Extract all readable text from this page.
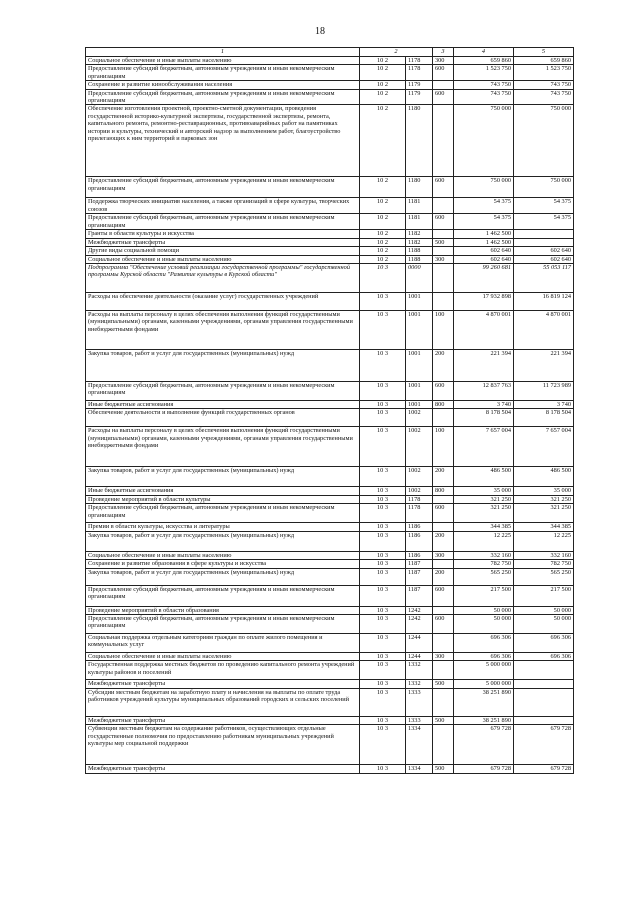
18
1	2		3	4	5
Социальное обеспечение и иные выплаты населению	10 2	1178	300	659 860	659 860
Предоставление субсидий бюджетным, автономным учреждениям и иным некоммерческим организациям	10 2	1178	600	1 523 750	1 523 750
Сохранение и развитие кинообслуживания населения	10 2	1179		743 750	743 750
Предоставление субсидий бюджетным, автономным учреждениям и иным некоммерческим организациям	10 2	1179	600	743 750	743 750
Обеспечение изготовления проектной, проектно-сметной документации, проведения государственной историко-культурной экспертизы, государственной экспертизы, ремонта, капитального ремонта, ремонтно-реставрационных, противоаварийных работ на памятниках истории и культуры, технический и авторский надзор за выполнением работ, благоустройство прилегающих к ним территорий и парковых зон	10 2	1180		750 000	750 000
Предоставление субсидий бюджетным, автономным учреждениям и иным некоммерческим организациям	10 2	1180	600	750 000	750 000
Поддержка творческих инициатив населения, а также организаций в сфере культуры, творческих союзов	10 2	1181		54 375	54 375
Предоставление субсидий бюджетным, автономным учреждениям и иным некоммерческим организациям	10 2	1181	600	54 375	54 375
Гранты в области культуры и искусства	10 2	1182		1 462 500	
Межбюджетные трансферты	10 2	1182	500	1 462 500	
Другие виды социальной помощи	10 2	1188		602 640	602 640
Социальное обеспечение и иные выплаты населению	10 2	1188	300	602 640	602 640
Подпрограмма "Обеспечение условий реализации государственной программы" государственной программы Курской области "Развитие культуры в Курской области"	10 3	0000		99 260 681	55 053 117
Расходы на обеспечение деятельности (оказание услуг) государственных учреждений	10 3	1001		17 932 898	16 819 124
Расходы на выплаты персоналу в целях обеспечения выполнения функций государственными (муниципальными) органами, казенными учреждениями, органами управления государственными внебюджетными фондами	10 3	1001	100	4 870 001	4 870 001
Закупка товаров, работ и услуг для государственных (муниципальных) нужд	10 3	1001	200	221 394	221 394
Предоставление субсидий бюджетным, автономным учреждениям и иным некоммерческим организациям	10 3	1001	600	12 837 763	11 723 989
Иные бюджетные ассигнования	10 3	1001	800	3 740	3 740
Обеспечение деятельности и выполнение функций государственных органов	10 3	1002		8 178 504	8 178 504
Расходы на выплаты персоналу в целях обеспечения выполнения функций государственными (муниципальными) органами, казенными учреждениями, органами управления государственными внебюджетными фондами	10 3	1002	100	7 657 004	7 657 004
Закупка товаров, работ и услуг для государственных (муниципальных) нужд	10 3	1002	200	486 500	486 500
Иные бюджетные ассигнования	10 3	1002	800	35 000	35 000
Проведение мероприятий в области культуры	10 3	1178		321 250	321 250
Предоставление субсидий бюджетным, автономным учреждениям и иным некоммерческим организациям	10 3	1178	600	321 250	321 250
Премии в области культуры, искусства и литературы	10 3	1186		344 385	344 385
Закупка товаров, работ и услуг для государственных (муниципальных) нужд	10 3	1186	200	12 225	12 225
Социальное обеспечение и иные выплаты населению	10 3	1186	300	332 160	332 160
Сохранение и развитие образования в сфере культуры и искусства	10 3	1187		782 750	782 750
Закупка товаров, работ и услуг для государственных (муниципальных) нужд	10 3	1187	200	565 250	565 250
Предоставление субсидий бюджетным, автономным учреждениям и иным некоммерческим организациям	10 3	1187	600	217 500	217 500
Проведение мероприятий в области образования	10 3	1242		50 000	50 000
Предоставление субсидий бюджетным, автономным учреждениям и иным некоммерческим организациям	10 3	1242	600	50 000	50 000
Социальная поддержка отдельным категориям граждан по оплате жилого помещения и коммунальных услуг	10 3	1244		696 306	696 306
Социальное обеспечение и иные выплаты населению	10 3	1244	300	696 306	696 306
Государственная поддержка местных бюджетов по проведению капитального ремонта учреждений культуры районов и поселений	10 3	1332		5 000 000	
Межбюджетные трансферты	10 3	1332	500	5 000 000	
Субсидии местным бюджетам на заработную плату и начисления на выплаты по оплате труда работников учреждений культуры муниципальных образований городских и сельских поселений	10 3	1333		38 251 890	
Межбюджетные трансферты	10 3	1333	500	38 251 890	
Субвенции местным бюджетам на содержание работников, осуществляющих отдельные государственные полномочия по предоставлению работникам муниципальных учреждений культуры мер социальной поддержки	10 3	1334		679 728	679 728
Межбюджетные трансферты	10 3	1334	500	679 728	679 728
